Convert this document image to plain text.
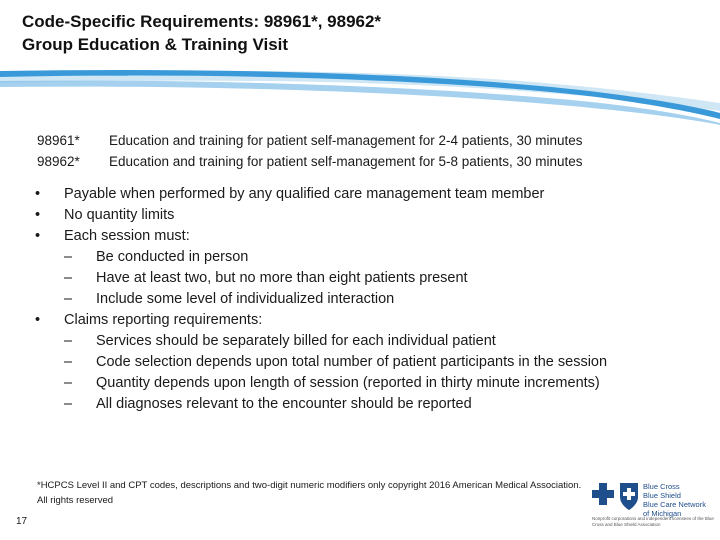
Code-Specific Requirements: 98961*, 98962*
Group Education & Training Visit
98961*	Education and training for patient self-management for 2-4 patients, 30 minutes
98962*	Education and training for patient self-management for 5-8 patients, 30 minutes
•	Payable when performed by any qualified care management team member
•	No quantity limits
•	Each session must:
–	Be conducted in person
–	Have at least two, but no more than eight patients present
–	Include some level of individualized interaction
•	Claims reporting requirements:
–	Services should be separately billed for each individual patient
–	Code selection depends upon total number of patient participants in the session
–	Quantity depends upon length of session (reported in thirty minute increments)
–	All diagnoses relevant to the encounter should be reported
*HCPCS Level II and CPT codes, descriptions and two-digit numeric modifiers only copyright 2016 American Medical Association.
All rights reserved
17
Blue Cross
Blue Shield
Blue Care Network
of Michigan
Nonprofit corporations and independent licensees of the Blue Cross and Blue Shield Association
